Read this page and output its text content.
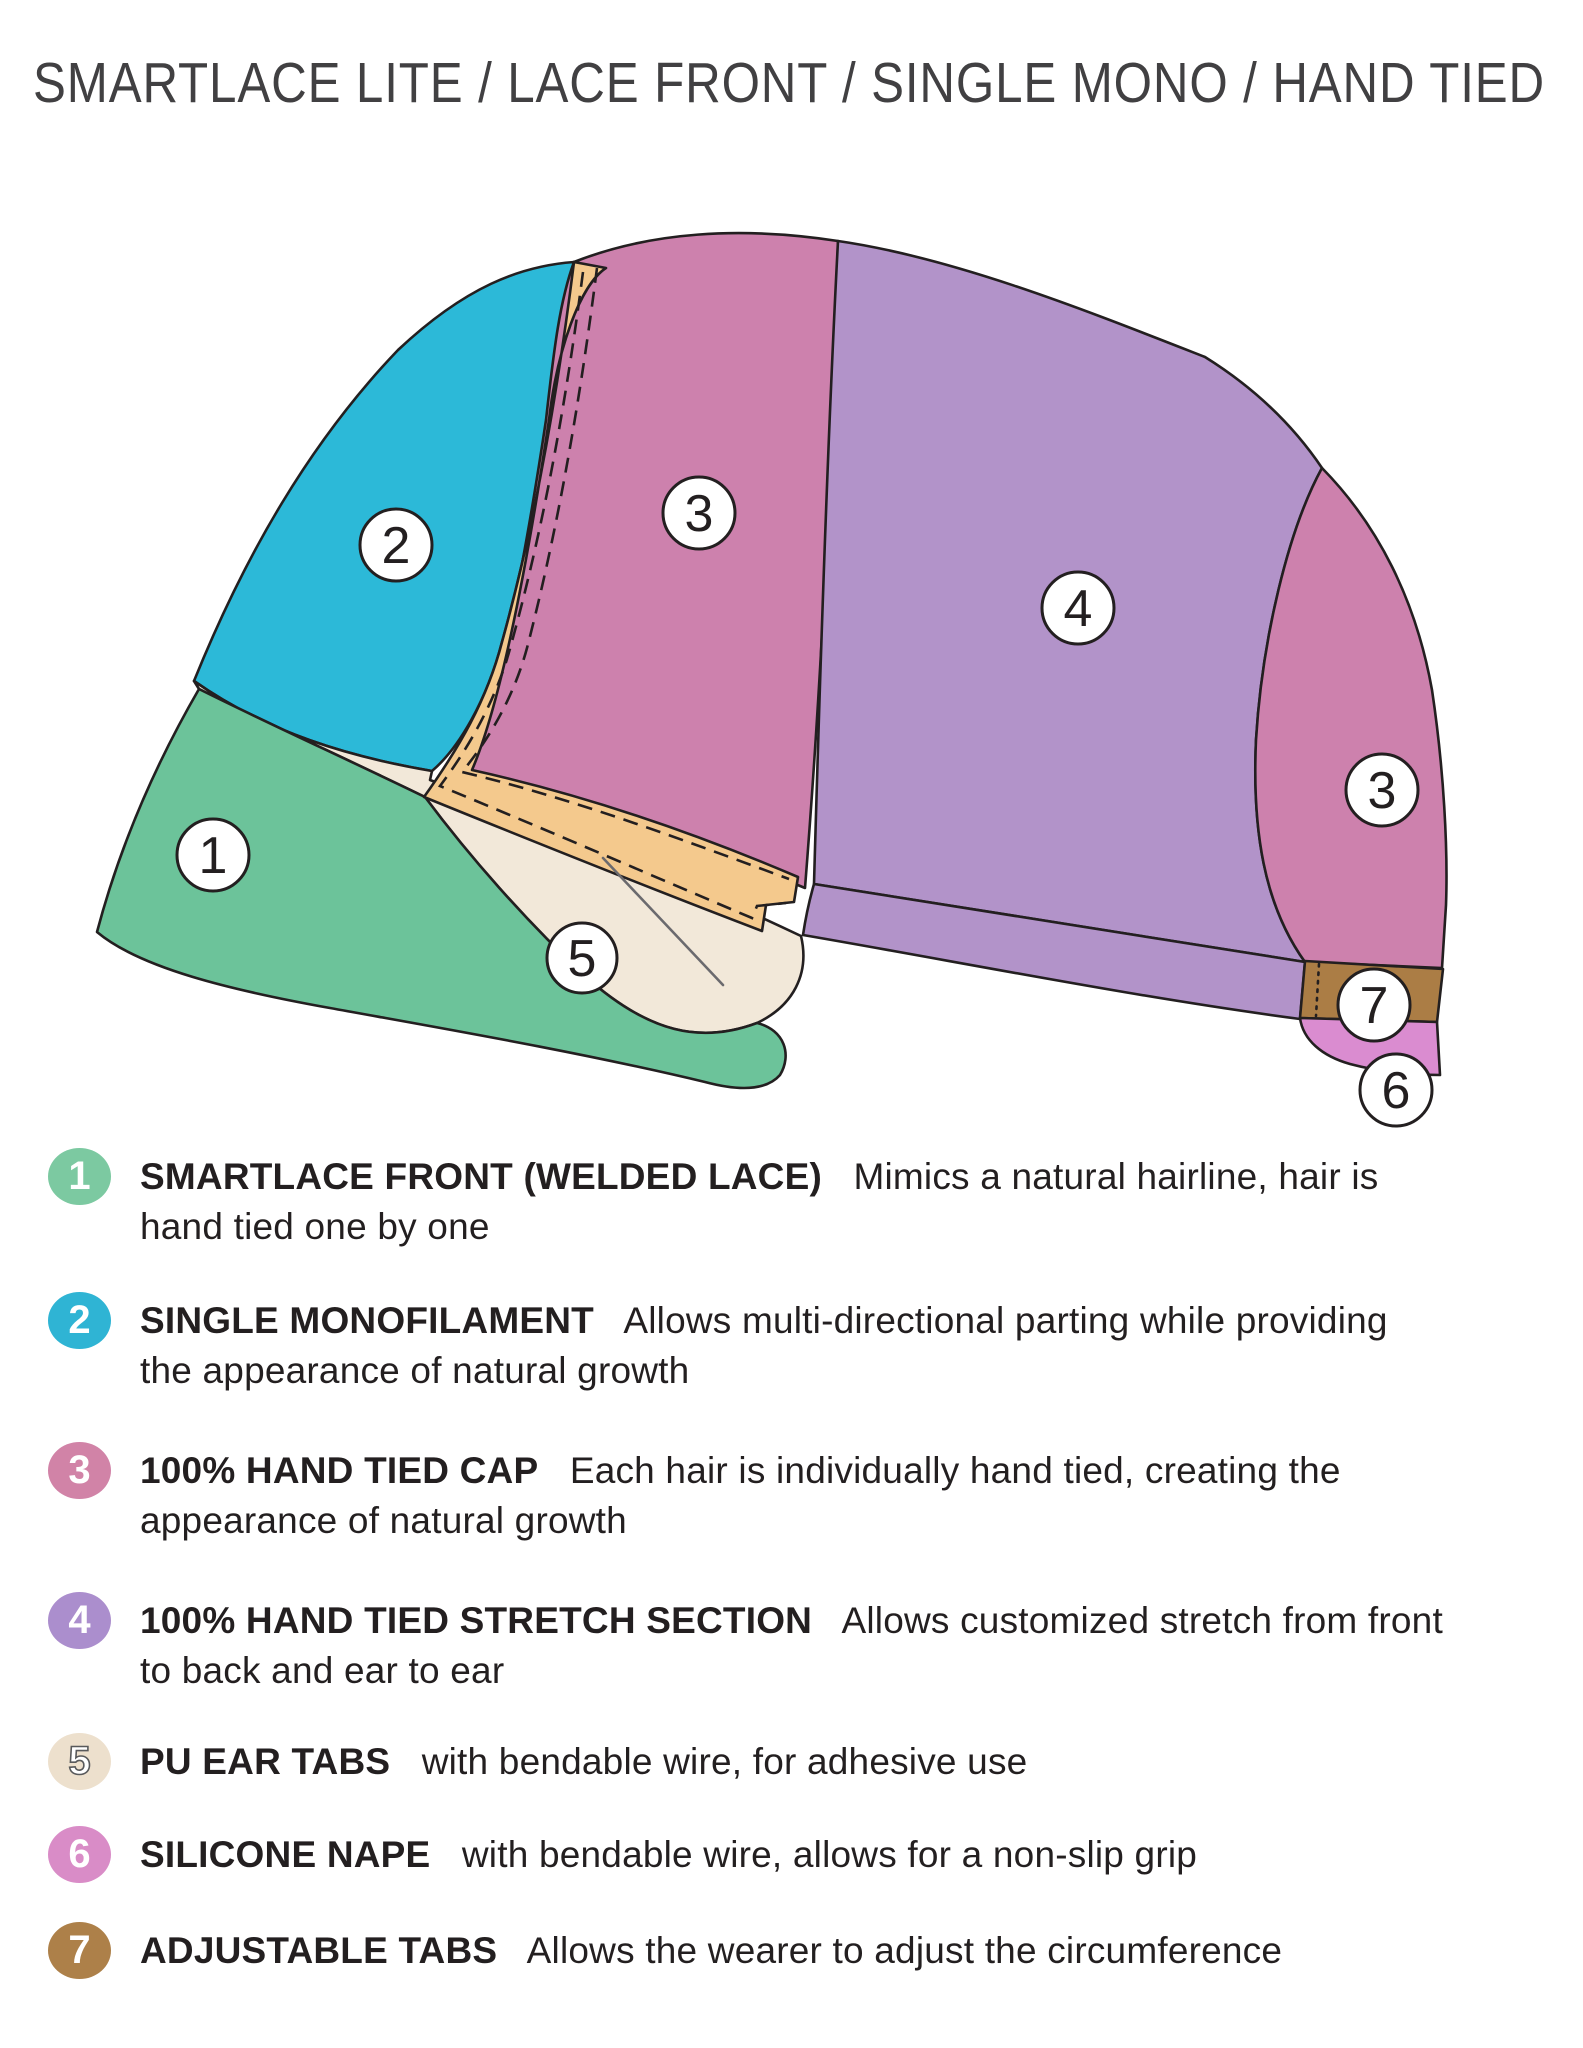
SMARTLACE LITE / LACE FRONT / SINGLE MONO / HAND TIED
1
2
3
4
3
5
7
6
1	SMARTLACE FRONT (WELDED LACE) Mimics a natural hairline, hair is hand tied one by one
2	SINGLE MONOFILAMENT Allows multi-directional parting while providing the appearance of natural growth
3	100% HAND TIED CAP Each hair is individually hand tied, creating the appearance of natural growth
4	100% HAND TIED STRETCH SECTION Allows customized stretch from front to back and ear to ear
5	PU EAR TABS with bendable wire, for adhesive use
6	SILICONE NAPE with bendable wire, allows for a non-slip grip
7	ADJUSTABLE TABS Allows the wearer to adjust the circumference
